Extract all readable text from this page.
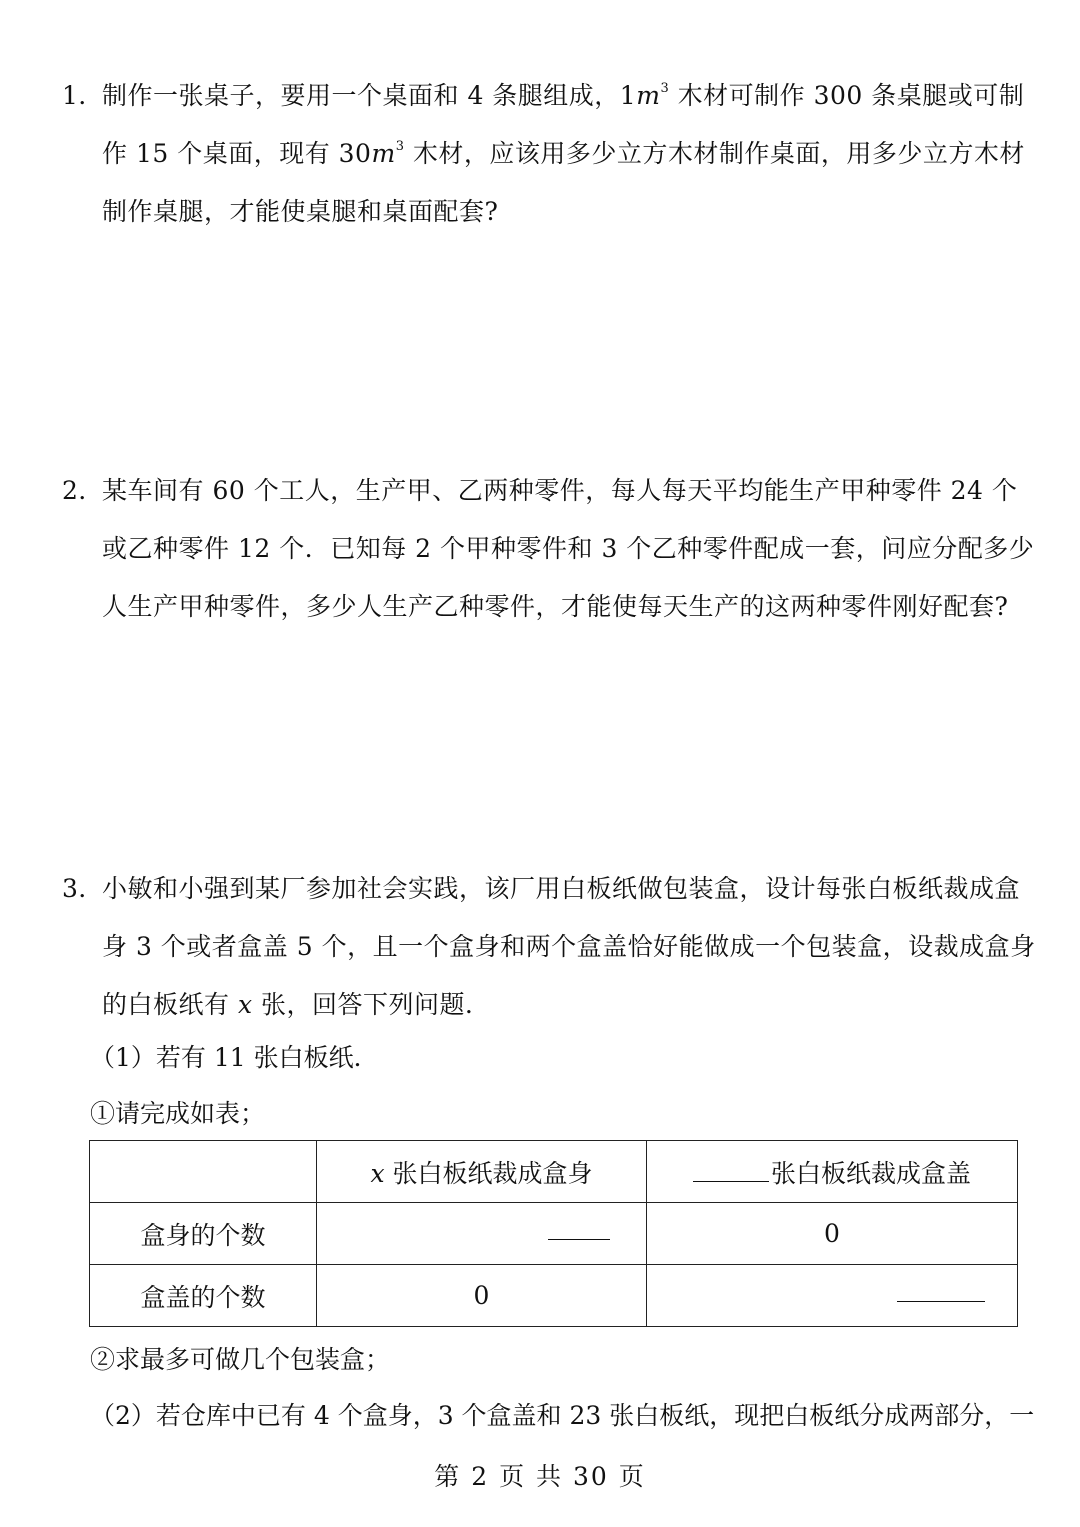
1．制作一张桌子，要用一个桌面和 4 条腿组成，$1m^3$ 木材可制作 300 条桌腿或可制
作 15 个桌面，现有 $30m^3$ 木材，应该用多少立方木材制作桌面，用多少立方木材
制作桌腿，才能使桌腿和桌面配套?
2．某车间有 60 个工人，生产甲、乙两种零件，每人每天平均能生产甲种零件 24 个
或乙种零件 12 个．已知每 2 个甲种零件和 3 个乙种零件配成一套，问应分配多少
人生产甲种零件，多少人生产乙种零件，才能使每天生产的这两种零件刚好配套?
3．小敏和小强到某厂参加社会实践，该厂用白板纸做包装盒，设计每张白板纸裁成盒
身 3 个或者盒盖 5 个，且一个盒身和两个盒盖恰好能做成一个包装盒，设裁成盒身
的白板纸有 x 张，回答下列问题．
（1）若有 11 张白板纸．
①请完成如表；
	x 张白板纸裁成盒身	张白板纸裁成盒盖
盒身的个数		0
盒盖的个数	0	
②求最多可做几个包装盒；
（2）若仓库中已有 4 个盒身，3 个盒盖和 23 张白板纸，现把白板纸分成两部分，一
第 2 页 共 30 页
